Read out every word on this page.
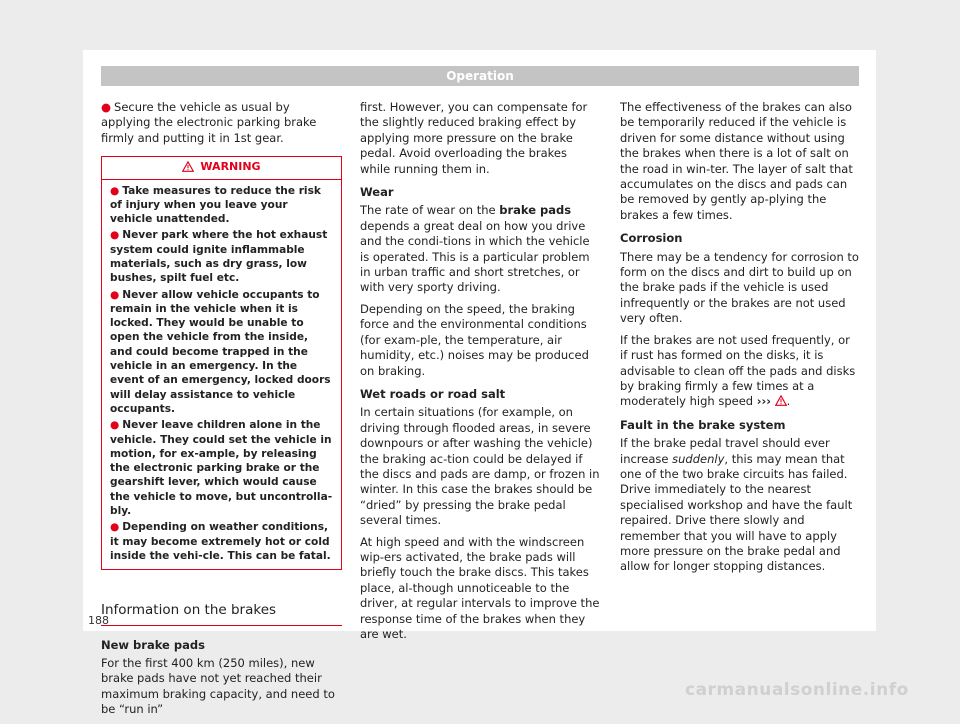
Operation

● Secure the vehicle as usual by applying the electronic parking brake firmly and putting it in 1st gear.

WARNING
● Take measures to reduce the risk of injury when you leave your vehicle unattended.
● Never park where the hot exhaust system could ignite inflammable materials, such as dry grass, low bushes, spilt fuel etc.
● Never allow vehicle occupants to remain in the vehicle when it is locked. They would be unable to open the vehicle from the inside, and could become trapped in the vehicle in an emergency. In the event of an emergency, locked doors will delay assistance to vehicle occupants.
● Never leave children alone in the vehicle. They could set the vehicle in motion, for ex-ample, by releasing the electronic parking brake or the gearshift lever, which would cause the vehicle to move, but uncontrolla-bly.
● Depending on weather conditions, it may become extremely hot or cold inside the vehi-cle. This can be fatal.
Information on the brakes
New brake pads

For the first 400 km (250 miles), new brake pads have not yet reached their maximum braking capacity, and need to be “run in”

first. However, you can compensate for the slightly reduced braking effect by applying more pressure on the brake pedal. Avoid overloading the brakes while running them in.

Wear

The rate of wear on the brake pads depends a great deal on how you drive and the condi-tions in which the vehicle is operated. This is a particular problem in urban traffic and short stretches, or with very sporty driving.

Depending on the speed, the braking force and the environmental conditions (for exam-ple, the temperature, air humidity, etc.) noises may be produced on braking.

Wet roads or road salt

In certain situations (for example, on driving through flooded areas, in severe downpours or after washing the vehicle) the braking ac-tion could be delayed if the discs and pads are damp, or frozen in winter. In this case the brakes should be “dried” by pressing the brake pedal several times.

At high speed and with the windscreen wip-ers activated, the brake pads will briefly touch the brake discs. This takes place, al-though unnoticeable to the driver, at regular intervals to improve the response time of the brakes when they are wet.

The effectiveness of the brakes can also be temporarily reduced if the vehicle is driven for some distance without using the brakes when there is a lot of salt on the road in win-ter. The layer of salt that accumulates on the discs and pads can be removed by gently ap-plying the brakes a few times.

Corrosion

There may be a tendency for corrosion to form on the discs and dirt to build up on the brake pads if the vehicle is used infrequently or the brakes are not used very often.

If the brakes are not used frequently, or if rust has formed on the disks, it is advisable to clean off the pads and disks by braking firmly a few times at a moderately high speed ››› .

Fault in the brake system

If the brake pedal travel should ever increase suddenly, this may mean that one of the two brake circuits has failed. Drive immediately to the nearest specialised workshop and have the fault repaired. Drive there slowly and remember that you will have to apply more pressure on the brake pedal and allow for longer stopping distances.

188
carmanualsonline.info
